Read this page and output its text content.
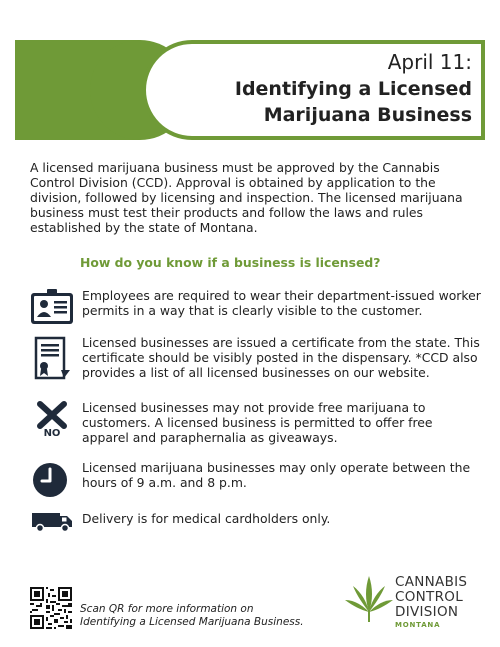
April 11:
Identifying a Licensed
Marijuana Business

A licensed marijuana business must be approved by the Cannabis Control Division (CCD). Approval is obtained by application to the division, followed by licensing and inspection. The licensed marijuana business must test their products and follow the laws and rules established by the state of Montana.

How do you know if a business is licensed?
Employees are required to wear their department-issued worker permits in a way that is clearly visible to the customer.
Licensed businesses are issued a certificate from the state. This certificate should be visibly posted in the dispensary. *CCD also provides a list of all licensed businesses on our website.
NO
Licensed businesses may not provide free marijuana to customers. A licensed business is permitted to offer free apparel and paraphernalia as giveaways.
Licensed marijuana businesses may only operate between the hours of 9 a.m. and 8 p.m.
Delivery is for medical cardholders only.
Scan QR for more information on
Identifying a Licensed Marijuana Business.
CANNABIS
CONTROL
DIVISION
MONTANA
